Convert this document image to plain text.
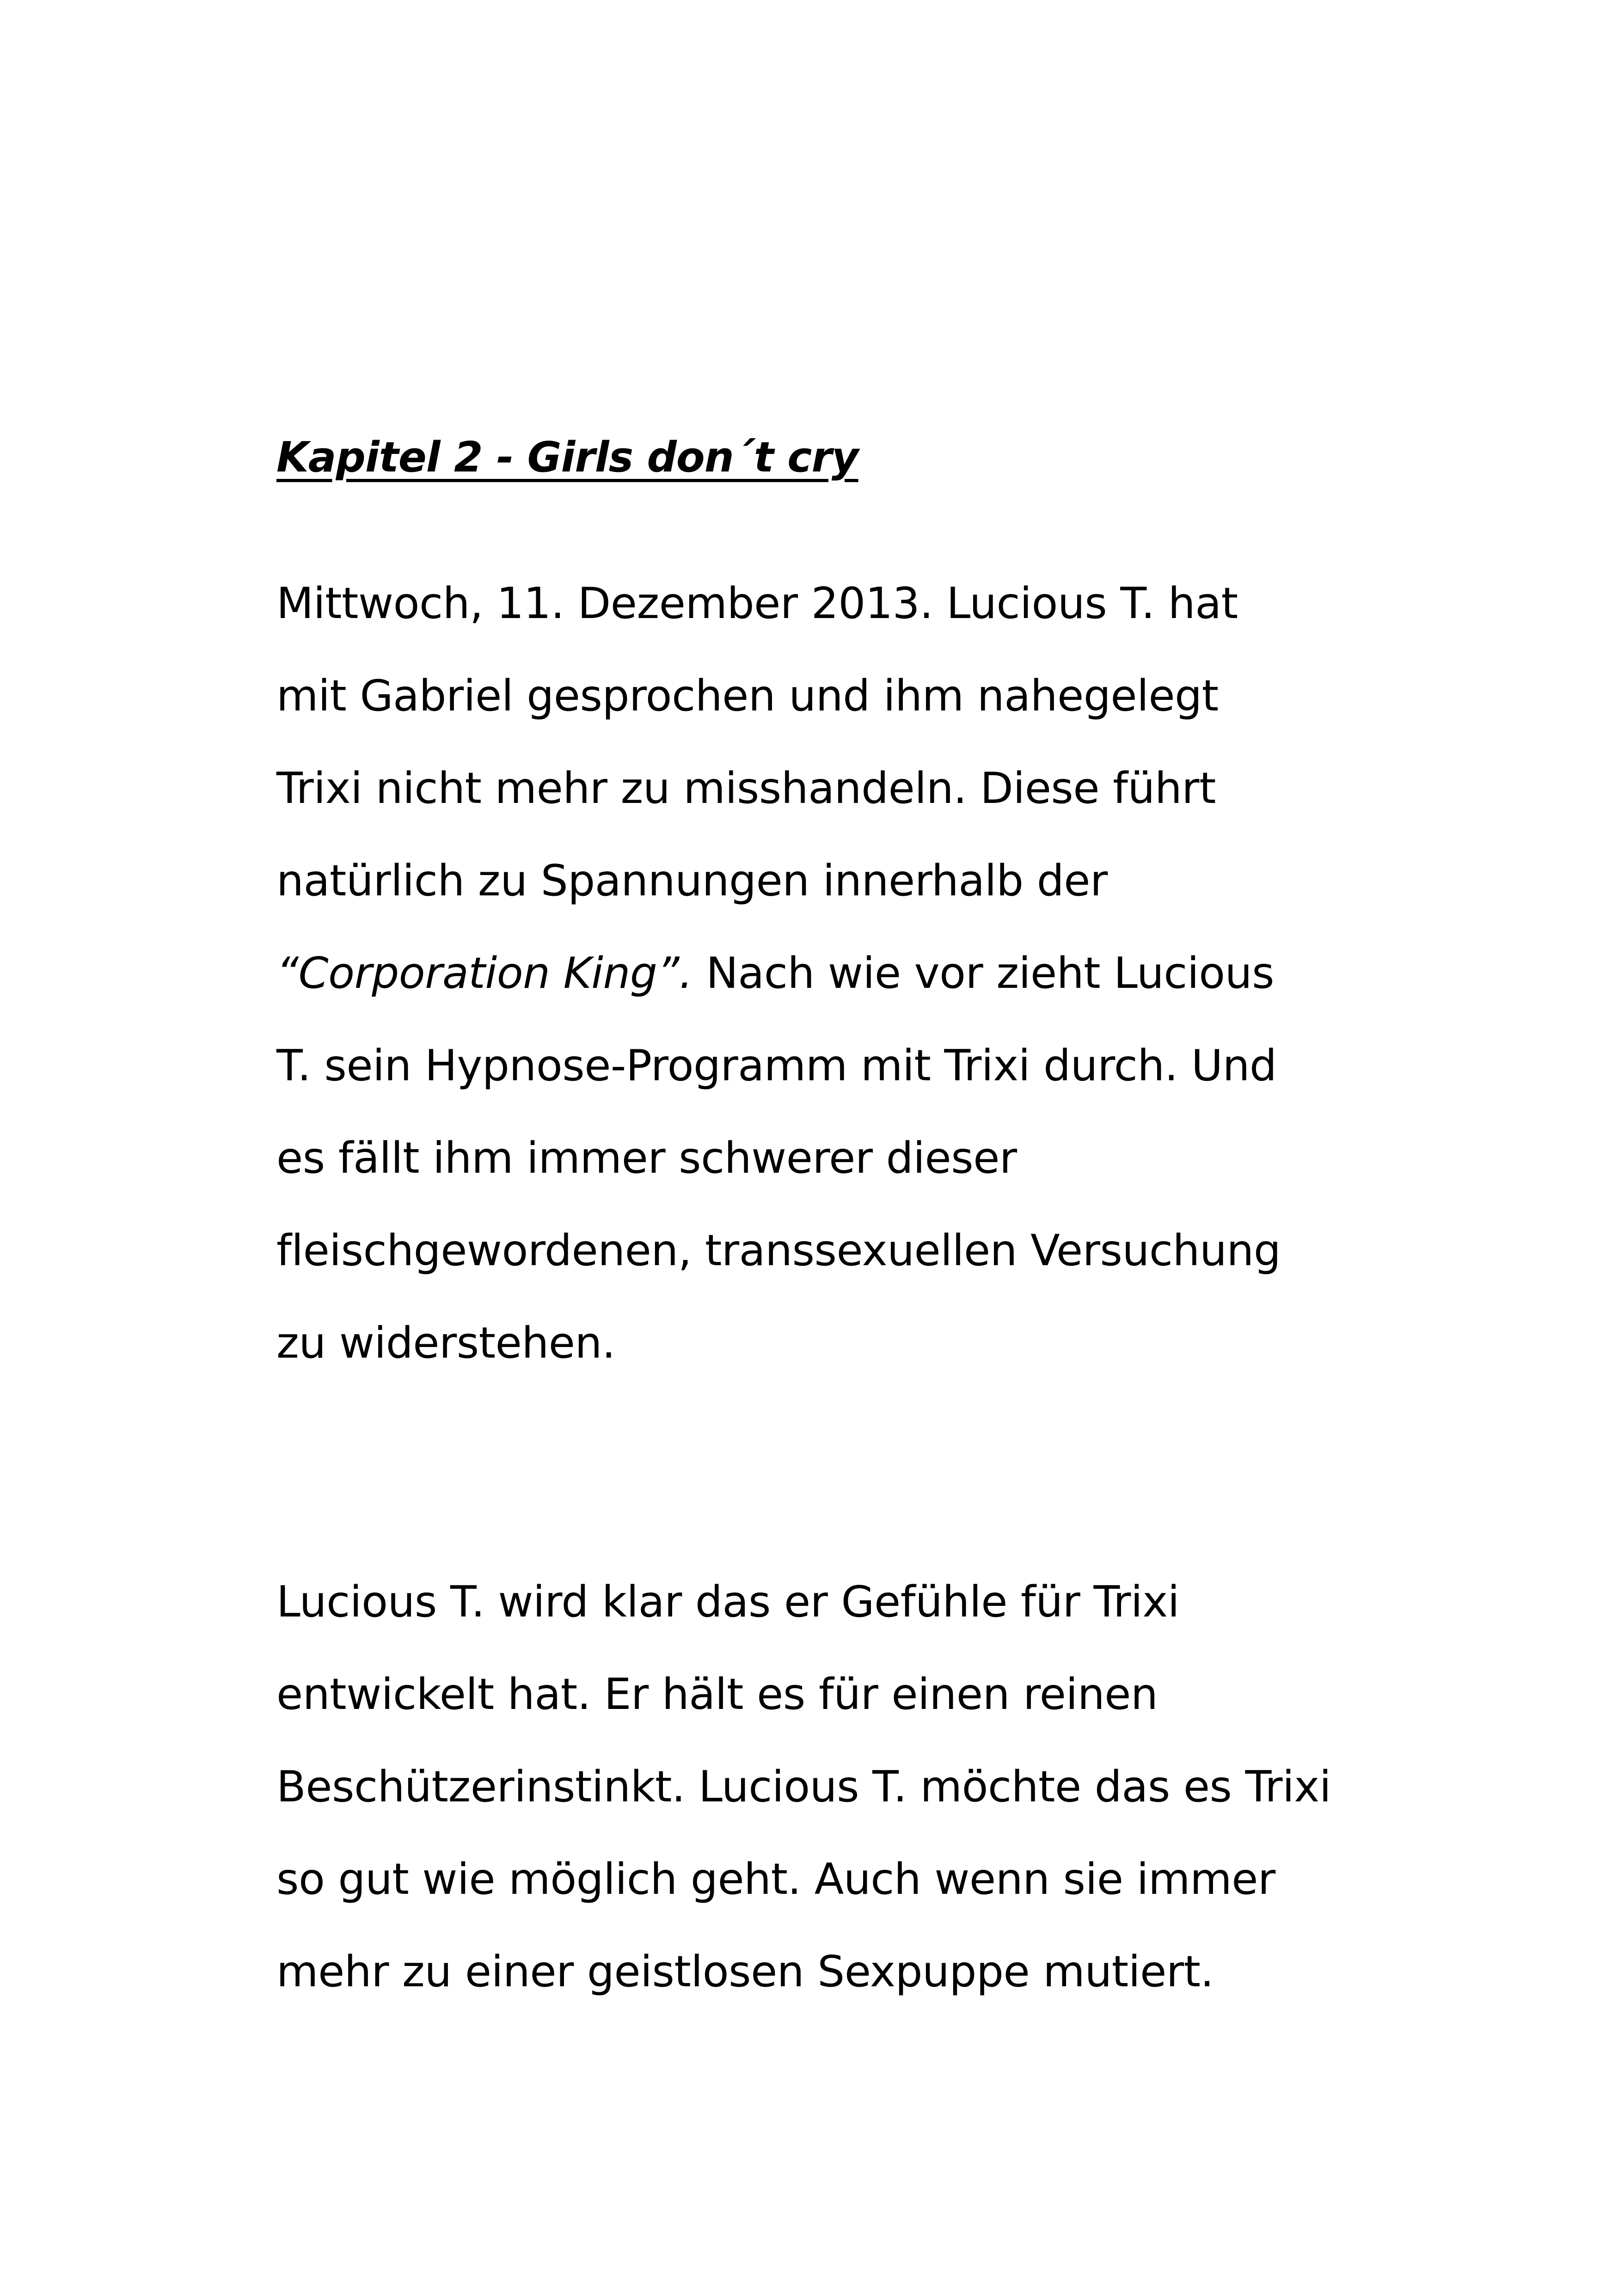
Kapitel 2 - Girls don´t cry

Mittwoch, 11. Dezember 2013. Lucious T. hat

mit Gabriel gesprochen und ihm nahegelegt

Trixi nicht mehr zu misshandeln. Diese führt

natürlich zu Spannungen innerhalb der

“Corporation King”. Nach wie vor zieht Lucious

T. sein Hypnose-Programm mit Trixi durch. Und

es fällt ihm immer schwerer dieser

fleischgewordenen, transsexuellen Versuchung

zu widerstehen.

Lucious T. wird klar das er Gefühle für Trixi

entwickelt hat. Er hält es für einen reinen

Beschützerinstinkt. Lucious T. möchte das es Trixi

so gut wie möglich geht. Auch wenn sie immer

mehr zu einer geistlosen Sexpuppe mutiert.
